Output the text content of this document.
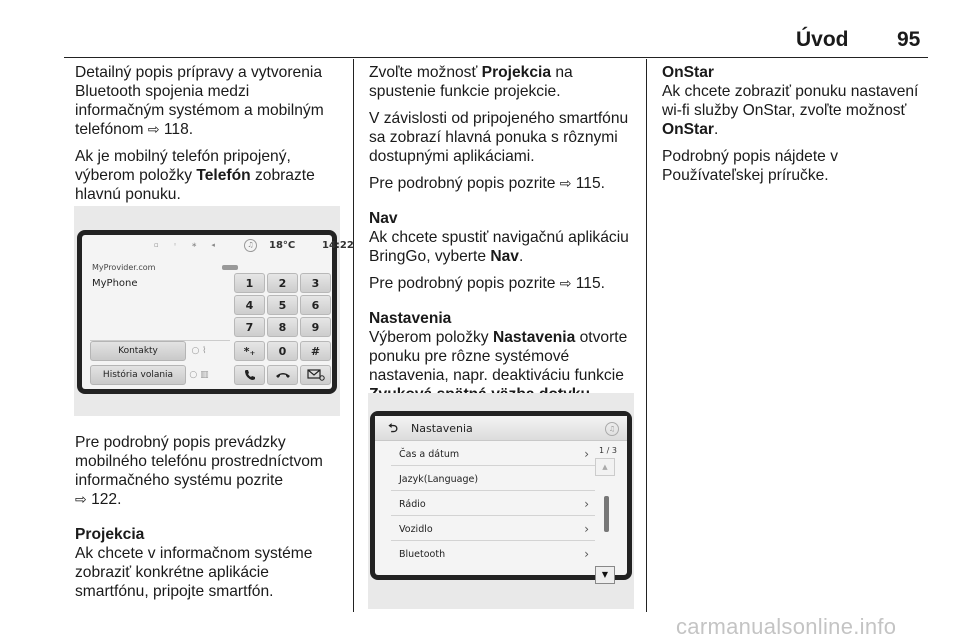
Úvod 95

Detailný popis prípravy a vytvorenia
Bluetooth spojenia medzi
informačným systémom a mobilným
telefónom ⇨ 118.

Ak je mobilný telefón pripojený,
výberom položky Telefón zobrazte
hlavnú ponuku.

▫ ◦ ∗ ◂	♫	18°C	14:22
MyProvider.com
MyPhone
Kontakty
História volania
○ ⌇
○ ▥
1	2	3
4	5	6
7	8	9
*₊	0	#

Pre podrobný popis prevádzky
mobilného telefónu prostredníctvom
informačného systému pozrite
⇨ 122.

Projekcia

Ak chcete v informačnom systéme
zobraziť konkrétne aplikácie
smartfónu, pripojte smartfón.

Zvoľte možnosť Projekcia na
spustenie funkcie projekcie.

V závislosti od pripojeného smartfónu
sa zobrazí hlavná ponuka s rôznymi
dostupnými aplikáciami.

Pre podrobný popis pozrite ⇨ 115.

Nav

Ak chcete spustiť navigačnú aplikáciu
BringGo, vyberte Nav.

Pre podrobný popis pozrite ⇨ 115.

Nastavenia

Výberom položky Nastavenia otvorte
ponuku pre rôzne systémové
nastavenia, napr. deaktiváciu funkcie

⮌	Nastavenia	♫
Čas a dátum	›
Jazyk(Language)
Rádio	›
Vozidlo	›
Bluetooth	›
1 / 3
▲
▼

OnStar

Ak chcete zobraziť ponuku nastavení
wi-fi služby OnStar, zvoľte možnosť
OnStar.

Podrobný popis nájdete v
Používateľskej príručke.

carmanualsonline.info
